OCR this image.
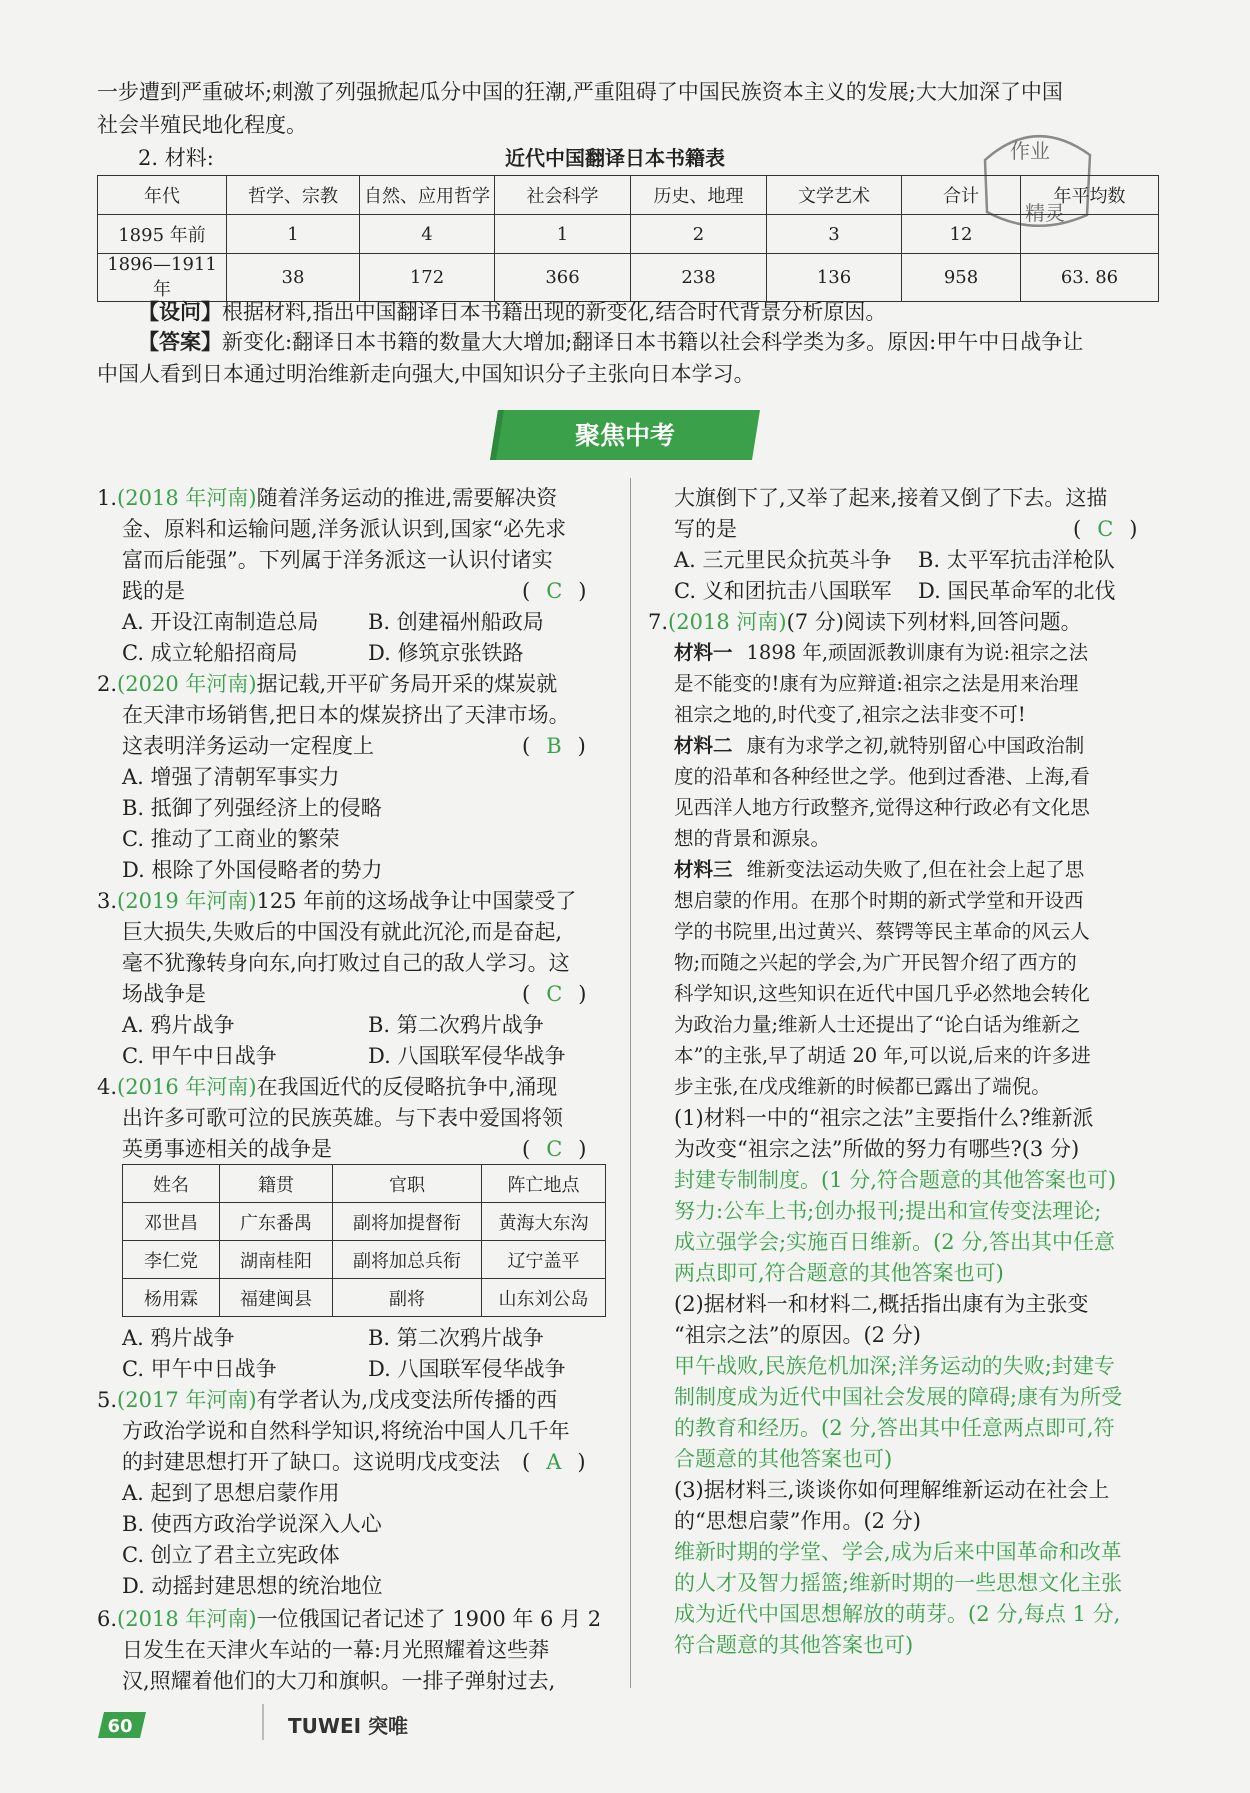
一步遭到严重破坏;刺激了列强掀起瓜分中国的狂潮,严重阻碍了中国民族资本主义的发展;大大加深了中国
社会半殖民地化程度。
2. 材料:	近代中国翻译日本书籍表	作业
精灵
年代	哲学、宗教	自然、应用哲学	社会科学	历史、地理	文学艺术	合计	年平均数
1895 年前	1	4	1	2	3	12	
1896—1911 年	38	172	366	238	136	958	63. 86
【设问】根据材料,指出中国翻译日本书籍出现的新变化,结合时代背景分析原因。
【答案】新变化:翻译日本书籍的数量大大增加;翻译日本书籍以社会科学类为多。原因:甲午中日战争让
中国人看到日本通过明治维新走向强大,中国知识分子主张向日本学习。
聚焦中考
1.(2018 年河南)随着洋务运动的推进,需要解决资
金、原料和运输问题,洋务派认识到,国家“必先求
富而后能强”。下列属于洋务派这一认识付诸实
践的是	( C )
A. 开设江南制造总局 B. 创建福州船政局
C. 成立轮船招商局	D. 修筑京张铁路
2.(2020 年河南)据记载,开平矿务局开采的煤炭就
在天津市场销售,把日本的煤炭挤出了天津市场。
这表明洋务运动一定程度上	( B )
A. 增强了清朝军事实力
B. 抵御了列强经济上的侵略
C. 推动了工商业的繁荣
D. 根除了外国侵略者的势力
3.(2019 年河南)125 年前的这场战争让中国蒙受了
巨大损失,失败后的中国没有就此沉沦,而是奋起,
毫不犹豫转身向东,向打败过自己的敌人学习。这
场战争是	( C )
A. 鸦片战争	B. 第二次鸦片战争
C. 甲午中日战争	D. 八国联军侵华战争
4.(2016 年河南)在我国近代的反侵略抗争中,涌现
出许多可歌可泣的民族英雄。与下表中爱国将领
英勇事迹相关的战争是	( C )
姓名	籍贯	官职	阵亡地点
邓世昌	广东番禺	副将加提督衔	黄海大东沟
李仁党	湖南桂阳	副将加总兵衔	辽宁盖平
杨用霖	福建闽县	副将	山东刘公岛
A. 鸦片战争	B. 第二次鸦片战争
C. 甲午中日战争	D. 八国联军侵华战争
5.(2017 年河南)有学者认为,戊戌变法所传播的西
方政治学说和自然科学知识,将统治中国人几千年
的封建思想打开了缺口。这说明戊戌变法 ( A )
A. 起到了思想启蒙作用
B. 使西方政治学说深入人心
C. 创立了君主立宪政体
D. 动摇封建思想的统治地位
6.(2018 年河南)一位俄国记者记述了 1900 年 6 月 2
日发生在天津火车站的一幕:月光照耀着这些莽
汉,照耀着他们的大刀和旗帜。一排子弹射过去,
大旗倒下了,又举了起来,接着又倒了下去。这描
写的是	( C )
A. 三元里民众抗英斗争 B. 太平军抗击洋枪队
C. 义和团抗击八国联军 D. 国民革命军的北伐
7.(2018 河南)(7 分)阅读下列材料,回答问题。
材料一 1898 年,顽固派教训康有为说:祖宗之法
是不能变的!康有为应辩道:祖宗之法是用来治理
祖宗之地的,时代变了,祖宗之法非变不可!
材料二 康有为求学之初,就特别留心中国政治制
度的沿革和各种经世之学。他到过香港、上海,看
见西洋人地方行政整齐,觉得这种行政必有文化思
想的背景和源泉。
材料三 维新变法运动失败了,但在社会上起了思
想启蒙的作用。在那个时期的新式学堂和开设西
学的书院里,出过黄兴、蔡锷等民主革命的风云人
物;而随之兴起的学会,为广开民智介绍了西方的
科学知识,这些知识在近代中国几乎必然地会转化
为政治力量;维新人士还提出了“论白话为维新之
本”的主张,早了胡适 20 年,可以说,后来的许多进
步主张,在戊戌维新的时候都已露出了端倪。
(1)材料一中的“祖宗之法”主要指什么?维新派
为改变“祖宗之法”所做的努力有哪些?(3 分)
封建专制制度。(1 分,符合题意的其他答案也可)
努力:公车上书;创办报刊;提出和宣传变法理论;
成立强学会;实施百日维新。(2 分,答出其中任意
两点即可,符合题意的其他答案也可)
(2)据材料一和材料二,概括指出康有为主张变
“祖宗之法”的原因。(2 分)
甲午战败,民族危机加深;洋务运动的失败;封建专
制制度成为近代中国社会发展的障碍;康有为所受
的教育和经历。(2 分,答出其中任意两点即可,符
合题意的其他答案也可)
(3)据材料三,谈谈你如何理解维新运动在社会上
的“思想启蒙”作用。(2 分)
维新时期的学堂、学会,成为后来中国革命和改革
的人才及智力摇篮;维新时期的一些思想文化主张
成为近代中国思想解放的萌芽。(2 分,每点 1 分,
符合题意的其他答案也可)
60	TUWEI 突唯
